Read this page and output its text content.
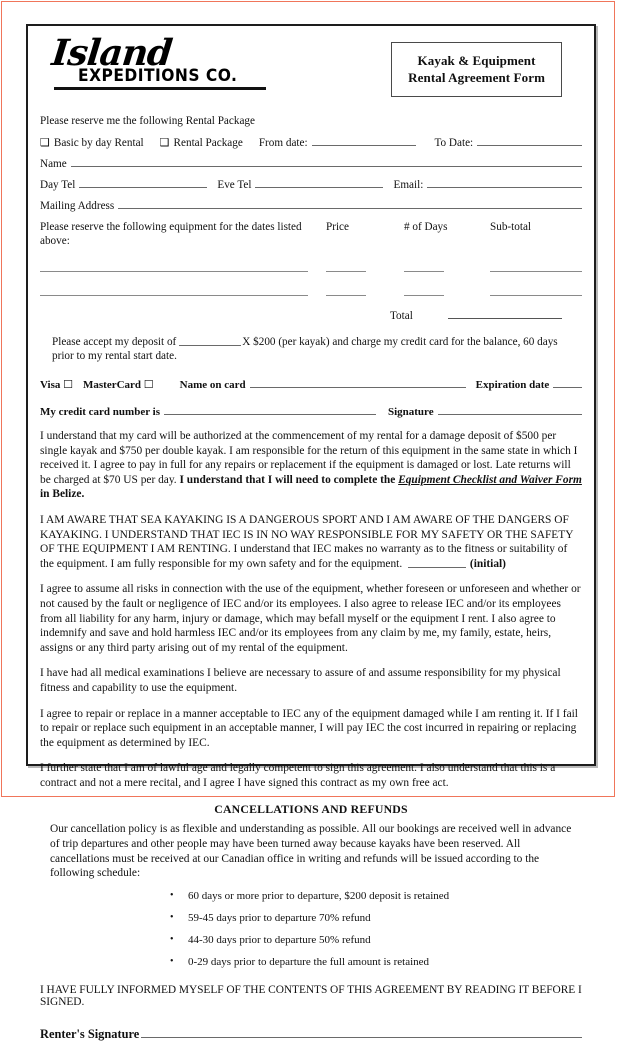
Island
EXPEDITIONS CO.
Kayak & Equipment
Rental Agreement Form
Please reserve me the following Rental Package
❑ Basic by day Rental ❑ Rental Package From date:	To Date:
Name
Day Tel	Eve Tel	Email:
Mailing Address
Please reserve the following equipment for the dates listed above:
Price	# of Days	Sub-total
Total
Please accept my deposit of	X $200 (per kayak) and charge my credit card for the balance, 60 days prior to my rental start date.
Visa ☐ MasterCard ☐	Name on card	Expiration date
My credit card number is	Signature
I understand that my card will be authorized at the commencement of my rental for a damage deposit of $500 per single kayak and $750 per double kayak. I am responsible for the return of this equipment in the same state in which I received it. I agree to pay in full for any repairs or replacement if the equipment is damaged or lost. Late returns will be charged at $70 US per day. I understand that I will need to complete the Equipment Checklist and Waiver Form in Belize.
I AM AWARE THAT SEA KAYAKING IS A DANGEROUS SPORT AND I AM AWARE OF THE DANGERS OF KAYAKING. I UNDERSTAND THAT IEC IS IN NO WAY RESPONSIBLE FOR MY SAFETY OR THE SAFETY OF THE EQUIPMENT I AM RENTING. I understand that IEC makes no warranty as to the fitness or suitability of the equipment. I am fully responsible for my own safety and for the equipment.	(initial)
I agree to assume all risks in connection with the use of the equipment, whether foreseen or unforeseen and whether or not caused by the fault or negligence of IEC and/or its employees. I also agree to release IEC and/or its employees from all liability for any harm, injury or damage, which may befall myself or the equipment I rent. I also agree to indemnify and save and hold harmless IEC and/or its employees from any claim by me, my family, estate, heirs, assigns or any third party arising out of my rental of the equipment.
I have had all medical examinations I believe are necessary to assure of and assume responsibility for my physical fitness and capability to use the equipment.
I agree to repair or replace in a manner acceptable to IEC any of the equipment damaged while I am renting it. If I fail to repair or replace such equipment in an acceptable manner, I will pay IEC the cost incurred in repairing or replacing the equipment as determined by IEC.
I further state that I am of lawful age and legally competent to sign this agreement. I also understand that this is a contract and not a mere recital, and I agree I have signed this contract as my own free act.
CANCELLATIONS AND REFUNDS
Our cancellation policy is as flexible and understanding as possible. All our bookings are received well in advance of trip departures and other people may have been turned away because kayaks have been reserved. All cancellations must be received at our Canadian office in writing and refunds will be issued according to the following schedule:
• 60 days or more prior to departure, $200 deposit is retained
• 59-45 days prior to departure 70% refund
• 44-30 days prior to departure 50% refund
• 0-29 days prior to departure the full amount is retained
I HAVE FULLY INFORMED MYSELF OF THE CONTENTS OF THIS AGREEMENT BY READING IT BEFORE I SIGNED.
Renter's Signature
